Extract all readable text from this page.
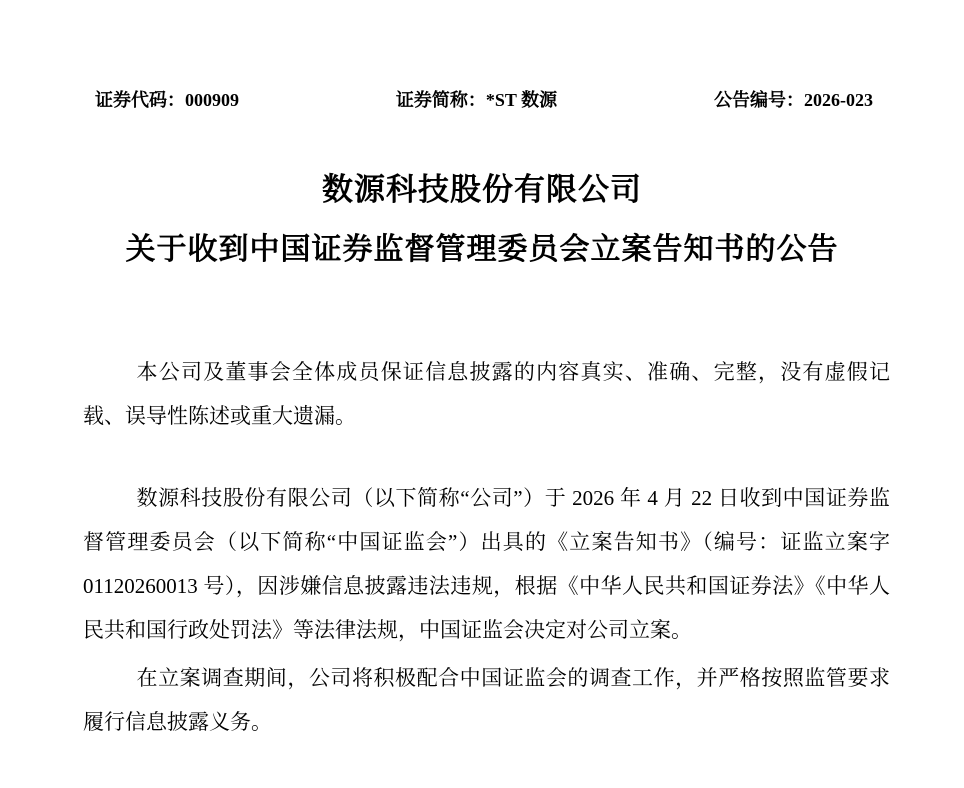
证券代码：000909	证券简称：*ST 数源	公告编号：2026-023
数源科技股份有限公司
关于收到中国证券监督管理委员会立案告知书的公告

本公司及董事会全体成员保证信息披露的内容真实、准确、完整，没有虚假记载、误导性陈述或重大遗漏。

数源科技股份有限公司（以下简称“公司”）于 2026 年 4 月 22 日收到中国证券监督管理委员会（以下简称“中国证监会”）出具的《立案告知书》（编号：证监立案字 01120260013 号），因涉嫌信息披露违法违规，根据《中华人民共和国证券法》《中华人民共和国行政处罚法》等法律法规，中国证监会决定对公司立案。

在立案调查期间，公司将积极配合中国证监会的调查工作，并严格按照监管要求履行信息披露义务。
